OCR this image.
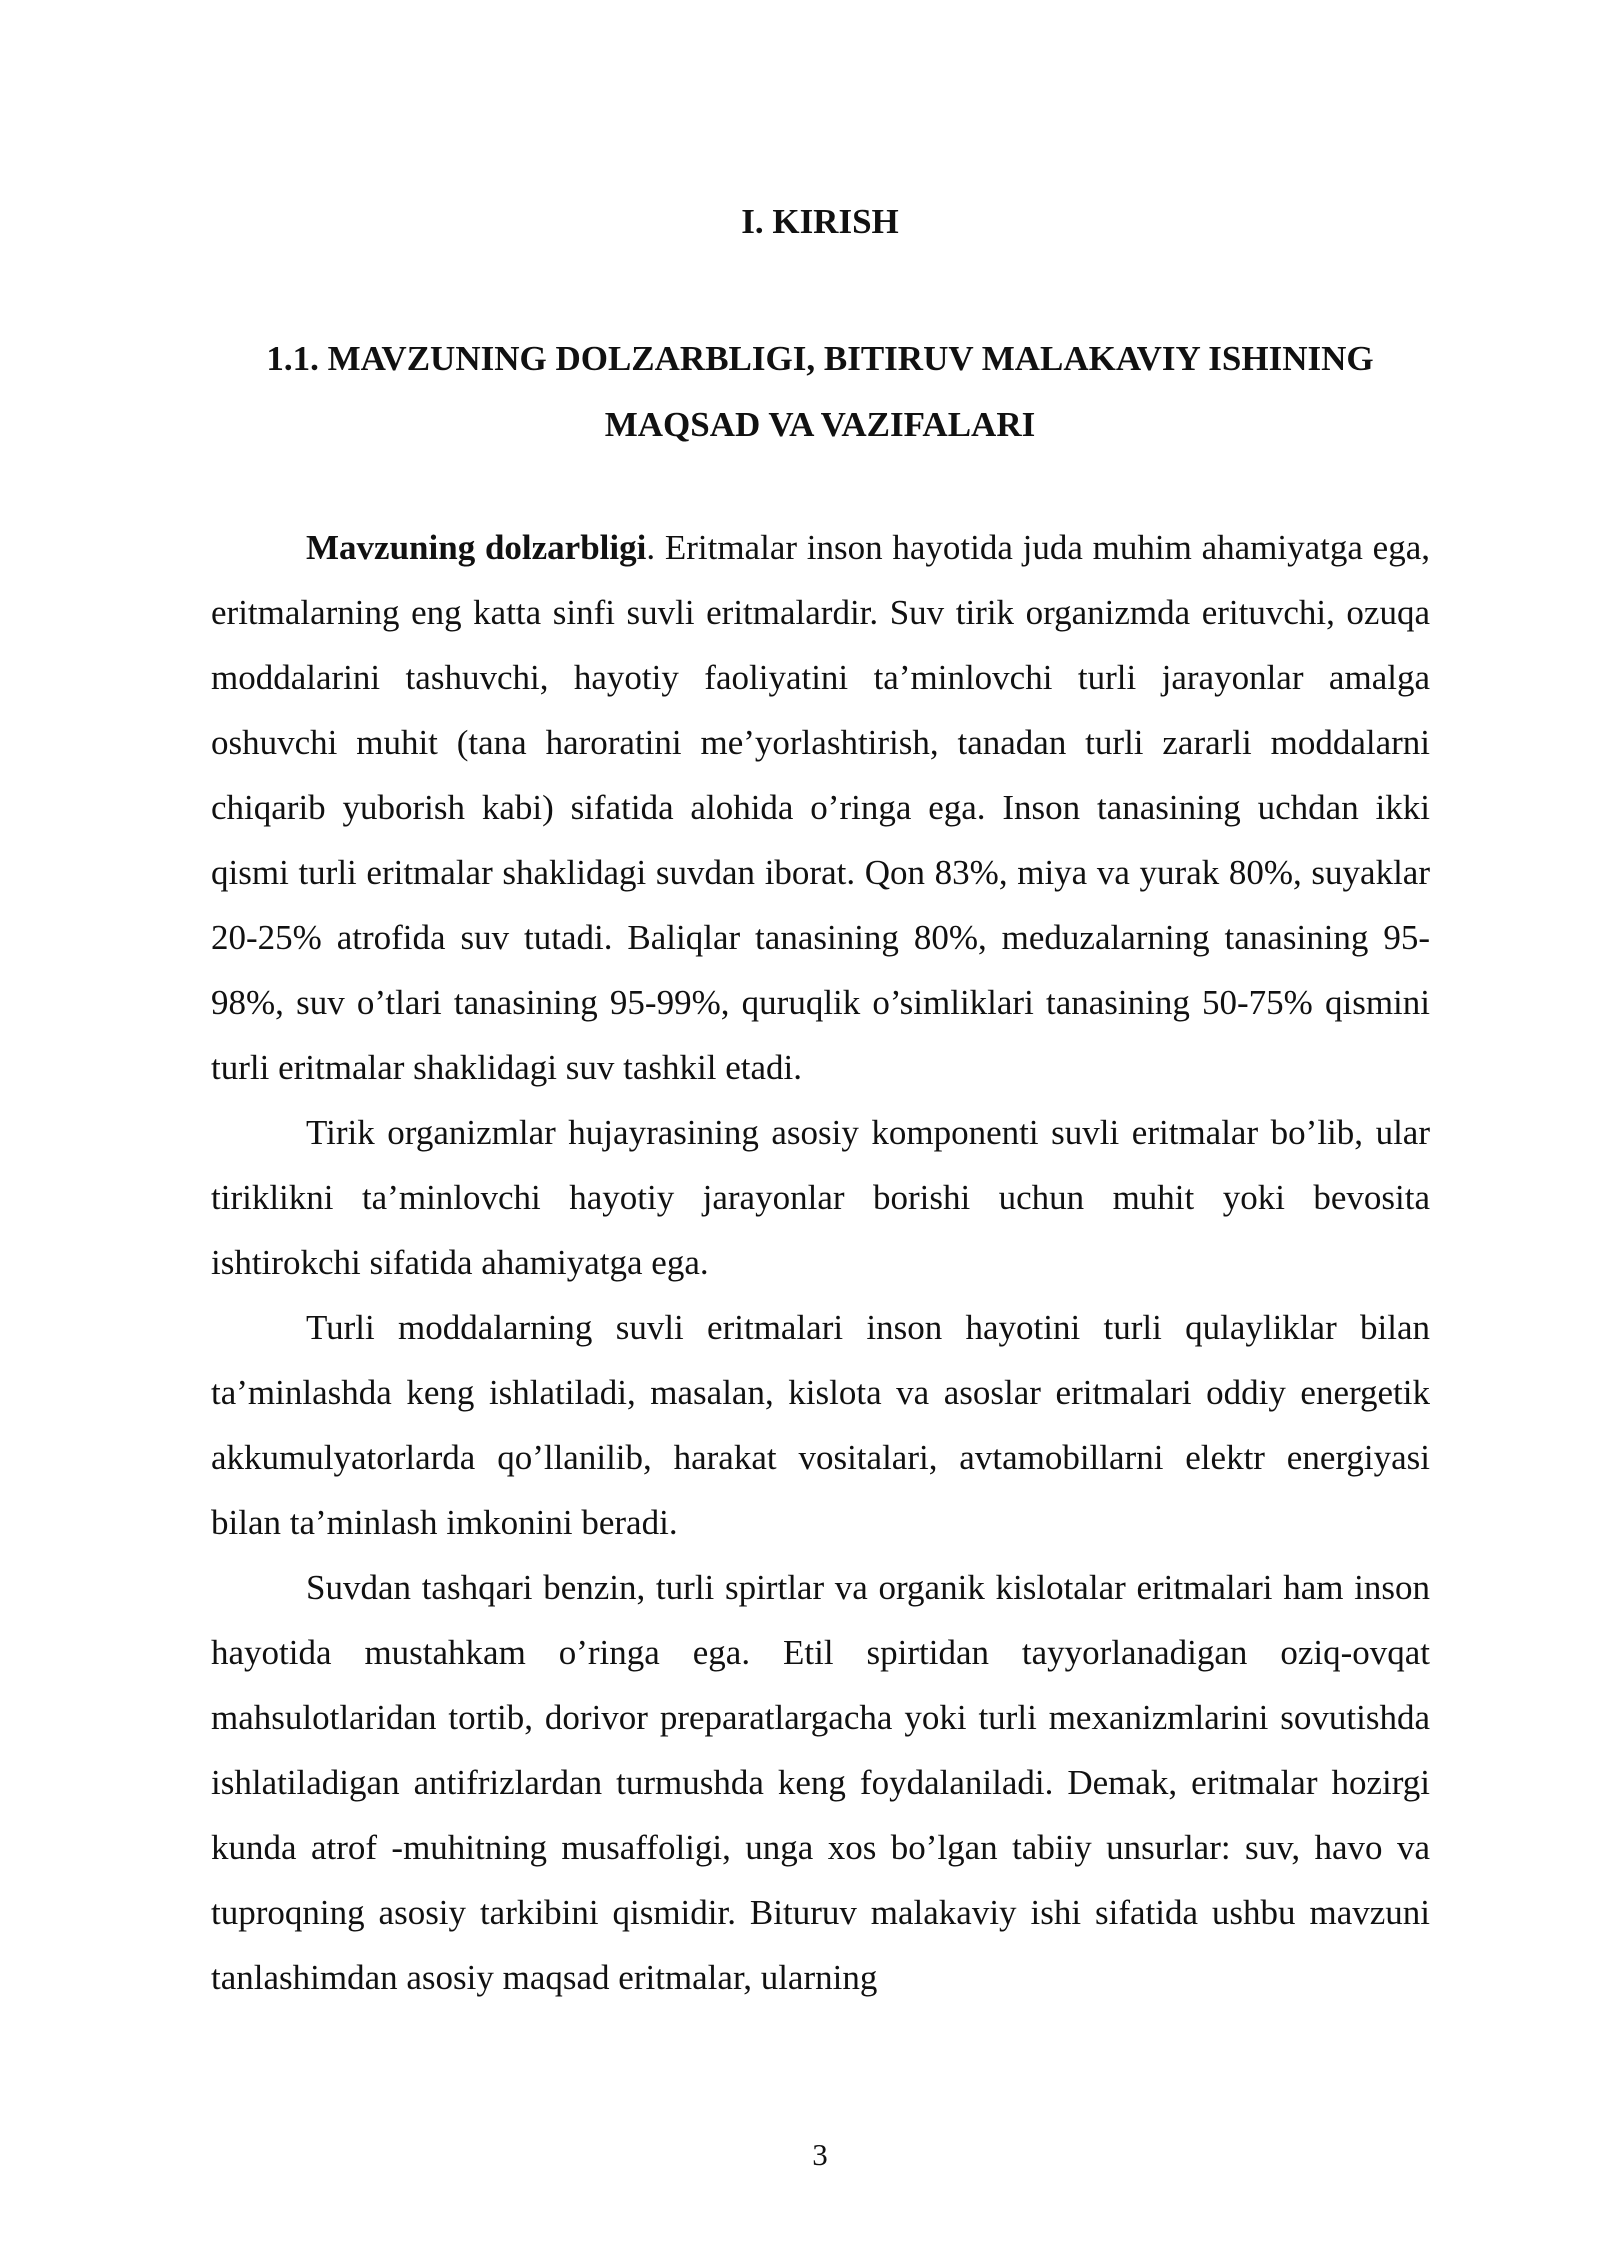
I. KIRISH
1.1. MAVZUNING DOLZARBLIGI, BITIRUV MALAKAVIY ISHINING
MAQSAD VA VAZIFALARI

Mavzuning dolzarbligi. Eritmalar inson hayotida juda muhim ahamiyatga ega, eritmalarning eng katta sinfi suvli eritmalardir. Suv tirik organizmda erituvchi, ozuqa moddalarini tashuvchi, hayotiy faoliyatini ta’minlovchi turli jarayonlar amalga oshuvchi muhit (tana haroratini me’yorlashtirish, tanadan turli zararli moddalarni chiqarib yuborish kabi) sifatida alohida o’ringa ega. Inson tanasining uchdan ikki qismi turli eritmalar shaklidagi suvdan iborat. Qon 83%, miya va yurak 80%, suyaklar 20-25% atrofida suv tutadi. Baliqlar tanasining 80%, meduzalarning tanasining 95-98%, suv o’tlari tanasining 95-99%, quruqlik o’simliklari tanasining 50-75% qismini turli eritmalar shaklidagi suv tashkil etadi.

Tirik organizmlar hujayrasining asosiy komponenti suvli eritmalar bo’lib, ular tiriklikni ta’minlovchi hayotiy jarayonlar borishi uchun muhit yoki bevosita ishtirokchi sifatida ahamiyatga ega.

Turli moddalarning suvli eritmalari inson hayotini turli qulayliklar bilan ta’minlashda keng ishlatiladi, masalan, kislota va asoslar eritmalari oddiy energetik akkumulyatorlarda qo’llanilib, harakat vositalari, avtamobillarni elektr energiyasi bilan ta’minlash imkonini beradi.

Suvdan tashqari benzin, turli spirtlar va organik kislotalar eritmalari ham inson hayotida mustahkam o’ringa ega. Etil spirtidan tayyorlanadigan oziq-ovqat mahsulotlaridan tortib, dorivor preparatlargacha yoki turli mexanizmlarini sovutishda ishlatiladigan antifrizlardan turmushda keng foydalaniladi. Demak, eritmalar hozirgi kunda atrof -muhitning musaffoligi, unga xos bo’lgan tabiiy unsurlar: suv, havo va tuproqning asosiy tarkibini qismidir. Bituruv malakaviy ishi sifatida ushbu mavzuni tanlashimdan asosiy maqsad eritmalar, ularning

3
